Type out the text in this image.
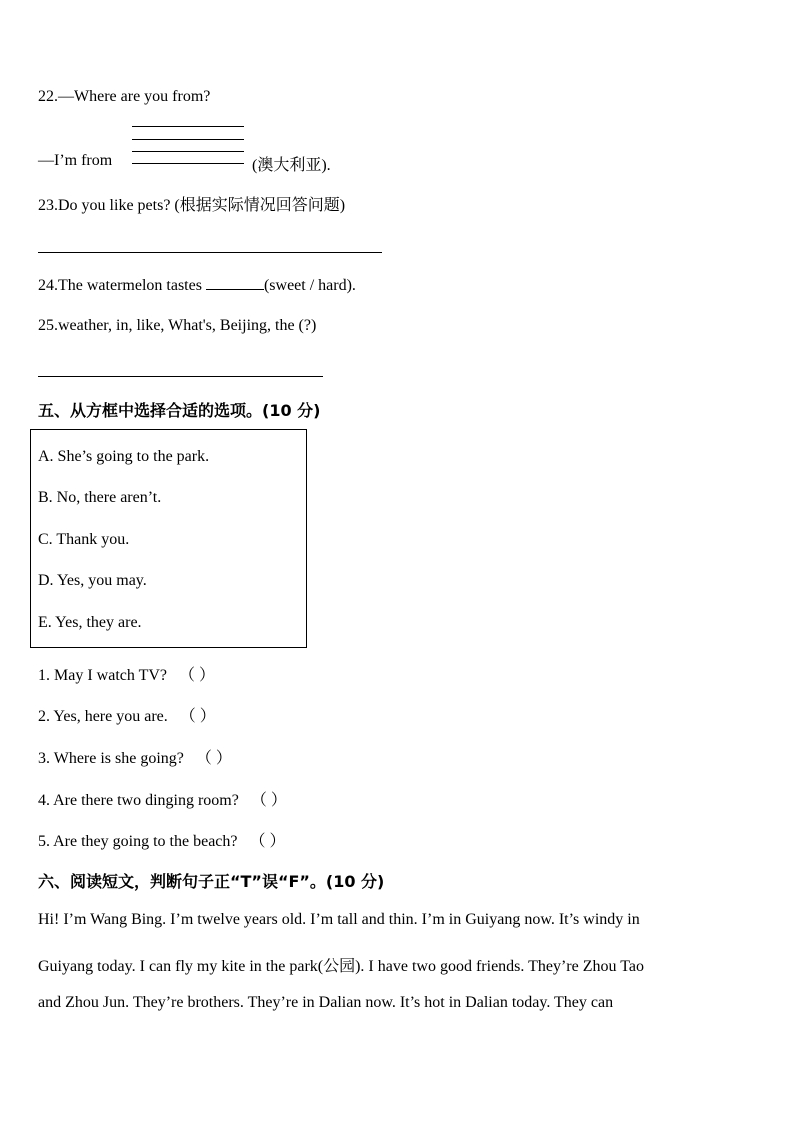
22.—Where are you from?
—I’m from	(澳大利亚).
23.Do you like pets? (根据实际情况回答问题)
24.The watermelon tastes	(sweet / hard).
25.weather, in, like, What's, Beijing, the (?)
五、从方框中选择合适的选项。(10 分)
A. She’s going to the park.
B. No, there aren’t.
C. Thank you.
D. Yes, you may.
E. Yes, they are.
1. May I watch TV? （ ）
2. Yes, here you are. （ ）
3. Where is she going? （ ）
4. Are there two dinging room? （ ）
5. Are they going to the beach? （ ）
六、阅读短文，判断句子正“T”误“F”。(10 分)
Hi! I’m Wang Bing. I’m twelve years old. I’m tall and thin. I’m in Guiyang now. It’s windy in
Guiyang today. I can fly my kite in the park(公园). I have two good friends. They’re Zhou Tao
and Zhou Jun. They’re brothers. They’re in Dalian now. It’s hot in Dalian today. They can
